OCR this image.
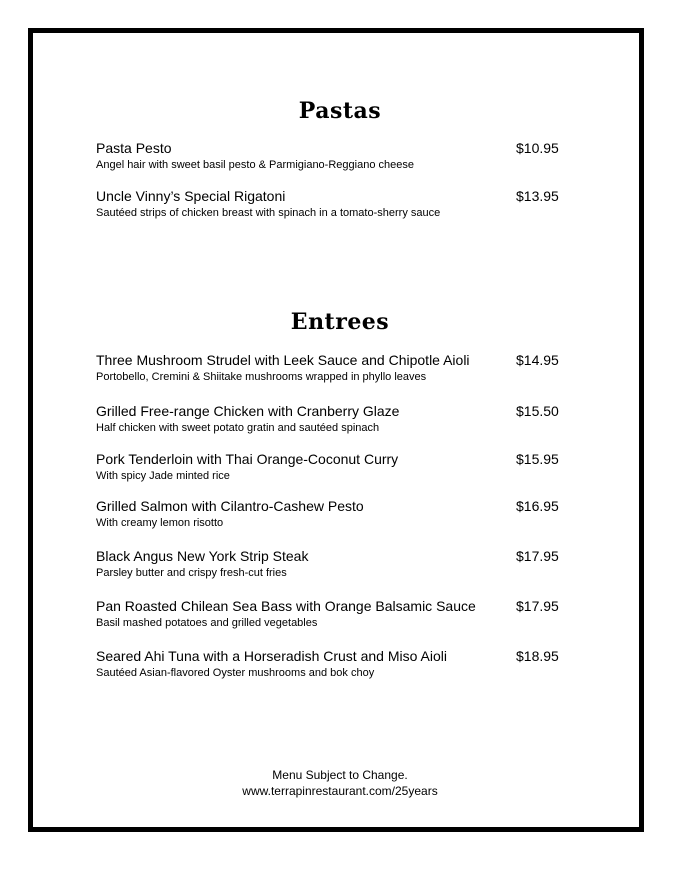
Pastas
Pasta Pesto
Angel hair with sweet basil pesto & Parmigiano-Reggiano cheese
$10.95
Uncle Vinny’s Special Rigatoni
Sautéed strips of chicken breast with spinach in a tomato-sherry sauce
$13.95
Entrees
Three Mushroom Strudel with Leek Sauce and Chipotle Aioli
Portobello, Cremini & Shiitake mushrooms wrapped in phyllo leaves
$14.95
Grilled Free-range Chicken with Cranberry Glaze
Half chicken with sweet potato gratin and sautéed spinach
$15.50
Pork Tenderloin with Thai Orange-Coconut Curry
With spicy Jade minted rice
$15.95
Grilled Salmon with Cilantro-Cashew Pesto
With creamy lemon risotto
$16.95
Black Angus New York Strip Steak
Parsley butter and crispy fresh-cut fries
$17.95
Pan Roasted Chilean Sea Bass with Orange Balsamic Sauce
Basil mashed potatoes and grilled vegetables
$17.95
Seared Ahi Tuna with a Horseradish Crust and Miso Aioli
Sautéed Asian-flavored Oyster mushrooms and bok choy
$18.95
Menu Subject to Change.
www.terrapinrestaurant.com/25years
